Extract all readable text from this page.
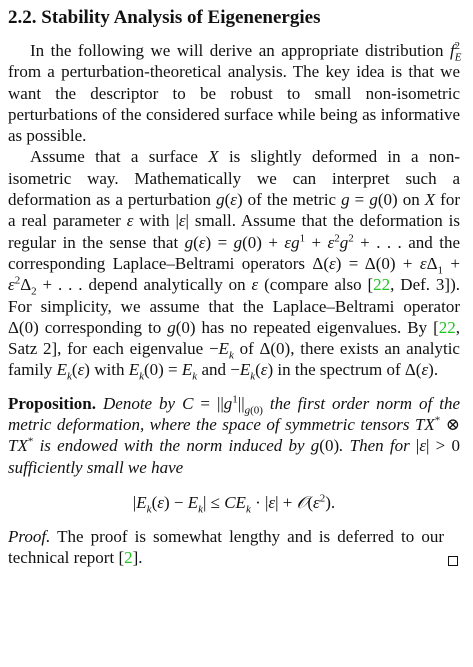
2.2. Stability Analysis of Eigenenergies

In the following we will derive an appropriate distribution $f_E^2$ from a perturbation-theoretical analysis. The key idea is that we want the descriptor to be robust to small non-isometric perturbations of the considered surface while being as informative as possible.

Assume that a surface X is slightly deformed in a non-isometric way. Mathematically we can interpret such a deformation as a perturbation g(ε) of the metric g = g(0) on X for a real parameter ε with |ε| small. Assume that the deformation is regular in the sense that $g(\varepsilon) = g(0) + \varepsilon g^1 + \varepsilon^2g^2$ + . . . and the corresponding Laplace–Beltrami operators $\Delta(\varepsilon) = \Delta(0) + \varepsilon\Delta_1 + \varepsilon^2\Delta_2$ + . . . depend analytically on ε (compare also [22, Def. 3]). For simplicity, we assume that the Laplace–Beltrami operator Δ(0) corresponding to g(0) has no repeated eigenvalues. By [22, Satz 2], for each eigenvalue $-E_k$ of Δ(0), there exists an analytic family $E_k(\varepsilon)$ with $E_k(0) = E_k$ and $-E_k(\varepsilon)$ in the spectrum of Δ(ε).

Proposition. Denote by $C = ||g^1||_{g(0)}$ the first order norm of the metric deformation, where the space of symmetric tensors TX* ⊗ TX* is endowed with the norm induced by g(0). Then for |ε| > 0 sufficiently small we have

$|E_k(\varepsilon) - E_k| \le CE_k \cdot |\varepsilon|$ + $𝒪(\varepsilon^2)$.

Proof. The proof is somewhat lengthy and is deferred to our technical report [2].
